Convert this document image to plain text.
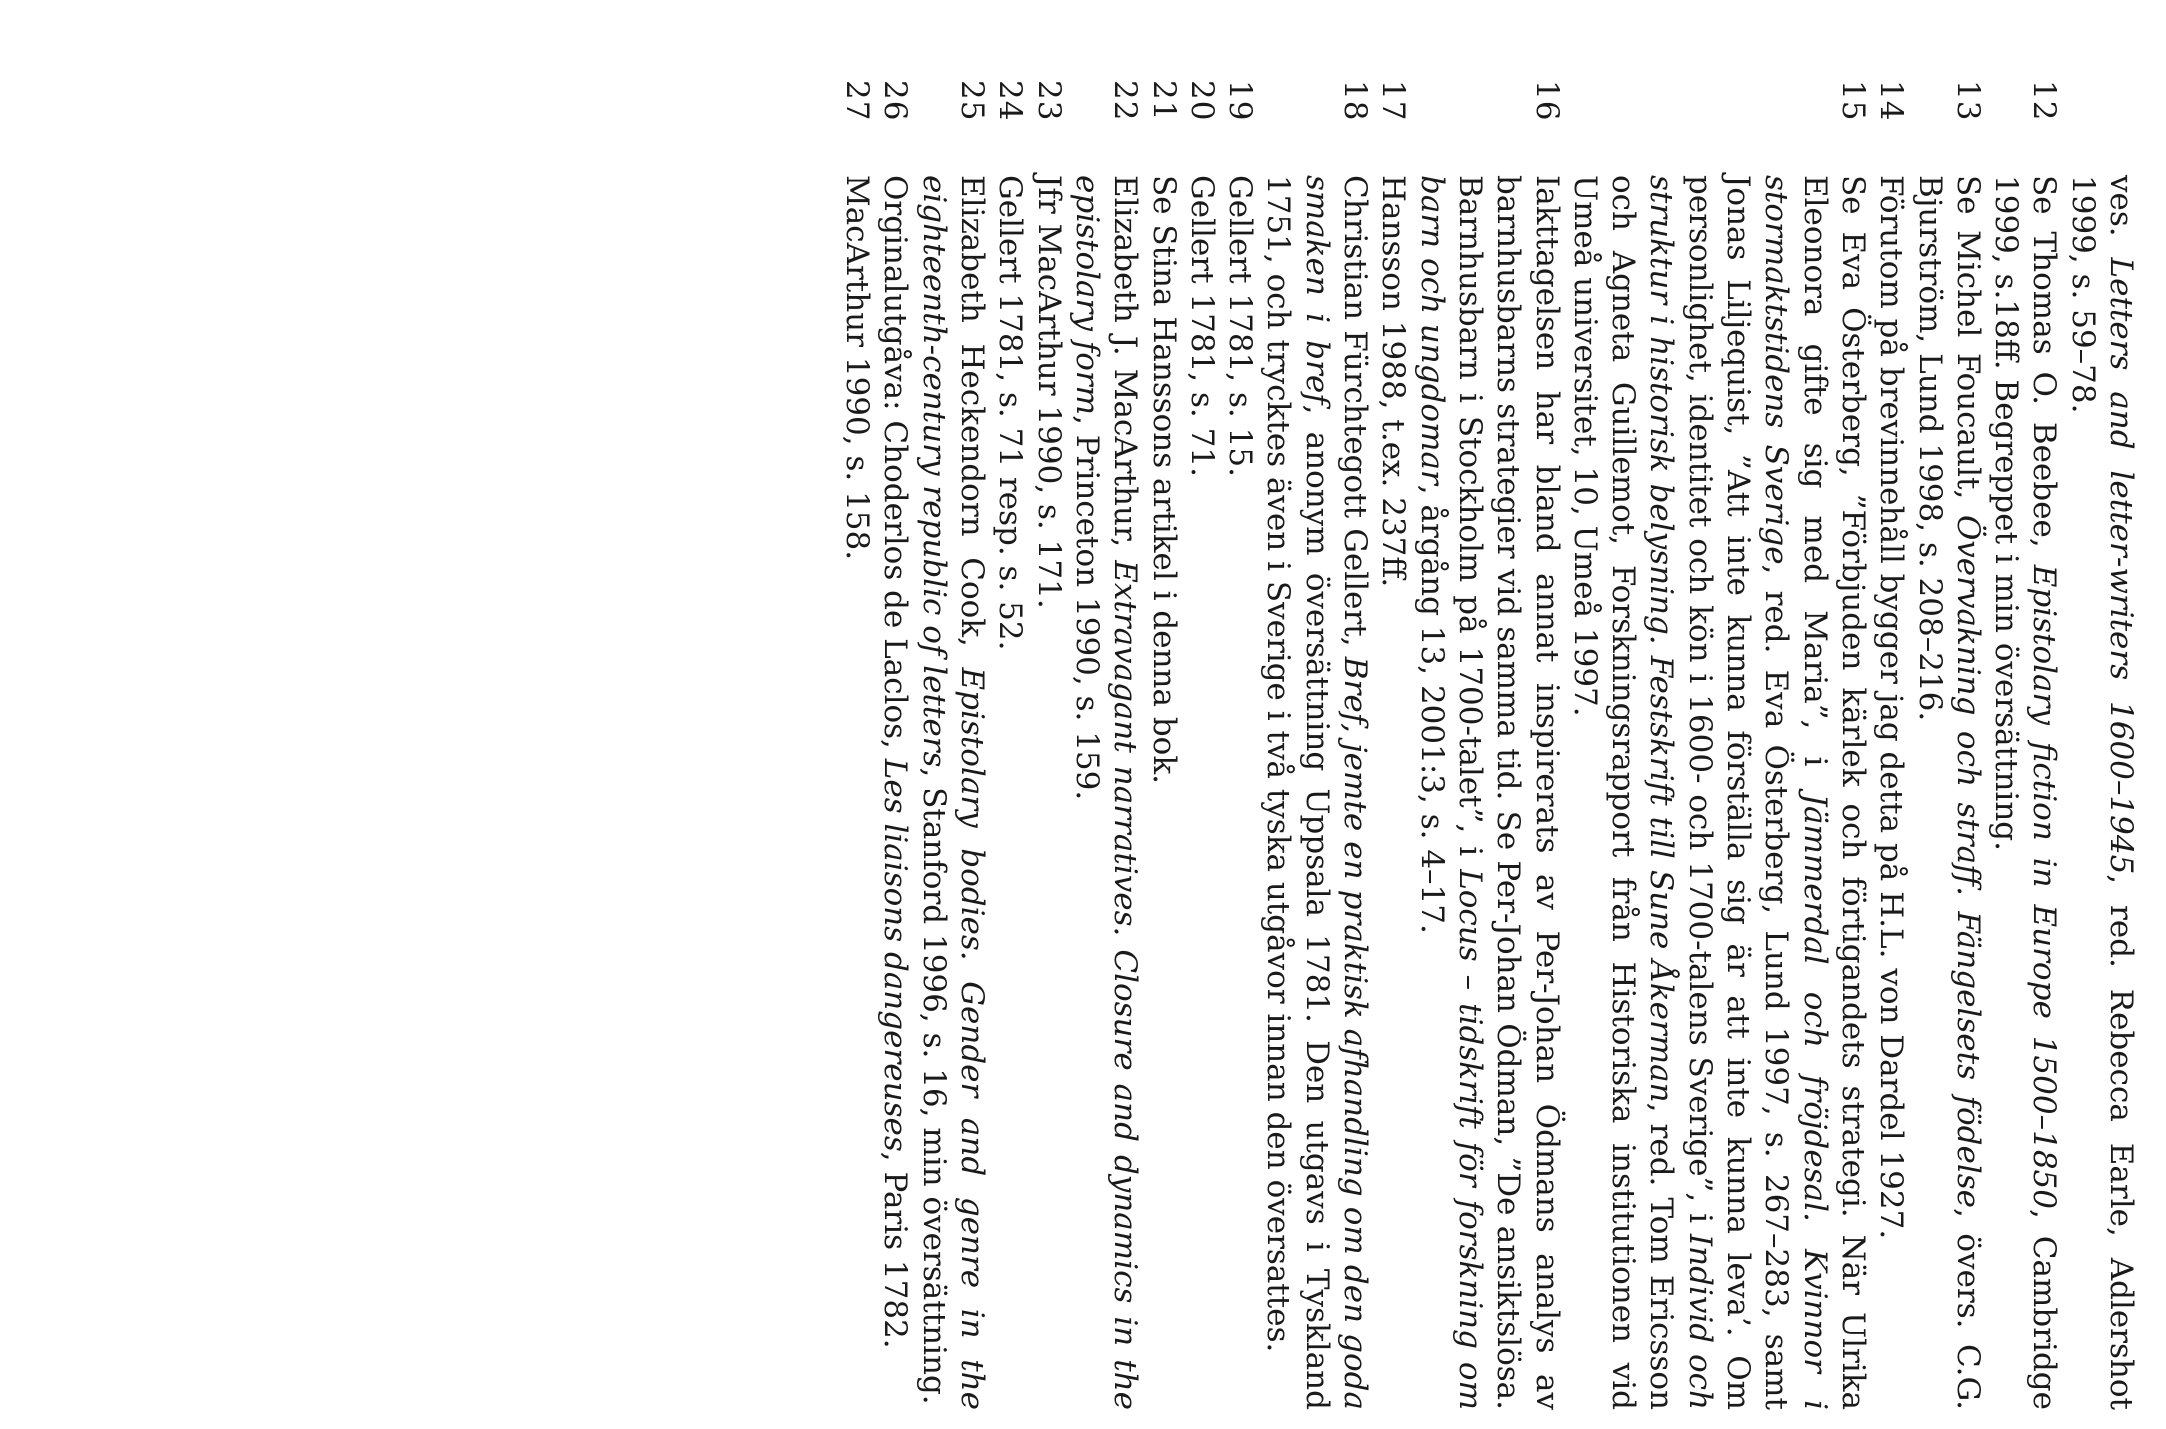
ves. Letters and letter-writers 1600–1945, red. Rebecca Earle, Adlershot 1999, s. 59–78.
12
Se Thomas O. Beebee, Epistolary fiction in Europe 1500–1850, Cambridge 1999, s.18ff. Begreppet i min översättning.
13
Se Michel Foucault, Övervakning och straff. Fängelsets födelse, övers. C.G. Bjurström, Lund 1998, s. 208–216.
14
Förutom på brevinnehåll bygger jag detta på H.L. von Dardel 1927.
15
Se Eva Österberg, ”Förbjuden kärlek och förtigandets strategi. När Ulrika Eleonora gifte sig med Maria”, i Jämmerdal och fröjdesal. Kvinnor i stormaktstidens Sverige, red. Eva Österberg, Lund 1997, s. 267–283, samt Jonas Liljequist, ”Att inte kunna förställa sig är att inte kunna leva’. Om personlighet, identitet och kön i 1600- och 1700-talens Sverige”, i Individ och struktur i historisk belysning. Festskrift till Sune Åkerman, red. Tom Ericsson och Agneta Guillemot, Forskningsrapport från Historiska institutionen vid Umeå universitet, 10, Umeå 1997.
16
Iakttagelsen har bland annat inspirerats av Per-Johan Ödmans analys av barnhusbarns strategier vid samma tid. Se Per-Johan Ödman, ”De ansiktslösa. Barnhusbarn i Stockholm på 1700-talet”, i Locus – tidskrift för forskning om barn och ungdomar, årgång 13, 2001:3, s. 4–17.
17
Hansson 1988, t.ex. 237ff.
18
Christian Fürchtegott Gellert, Bref, jemte en praktisk afhandling om den goda smaken i bref, anonym översättning Uppsala 1781. Den utgavs i Tyskland 1751, och trycktes även i Sverige i två tyska utgåvor innan den översattes.
19
Gellert 1781, s. 15.
20
Gellert 1781, s. 71.
21
Se Stina Hanssons artikel i denna bok.
22
Elizabeth J. MacArthur, Extravagant narratives. Closure and dynamics in the epistolary form, Princeton 1990, s. 159.
23
Jfr MacArthur 1990, s. 171.
24
Gellert 1781, s. 71 resp. s. 52.
25
Elizabeth Heckendorn Cook, Epistolary bodies. Gender and genre in the eighteenth-century republic of letters, Stanford 1996, s. 16, min översättning.
26
Orginalutgåva: Choderlos de Laclos, Les liaisons dangereuses, Paris 1782.
27
MacArthur 1990, s. 158.
